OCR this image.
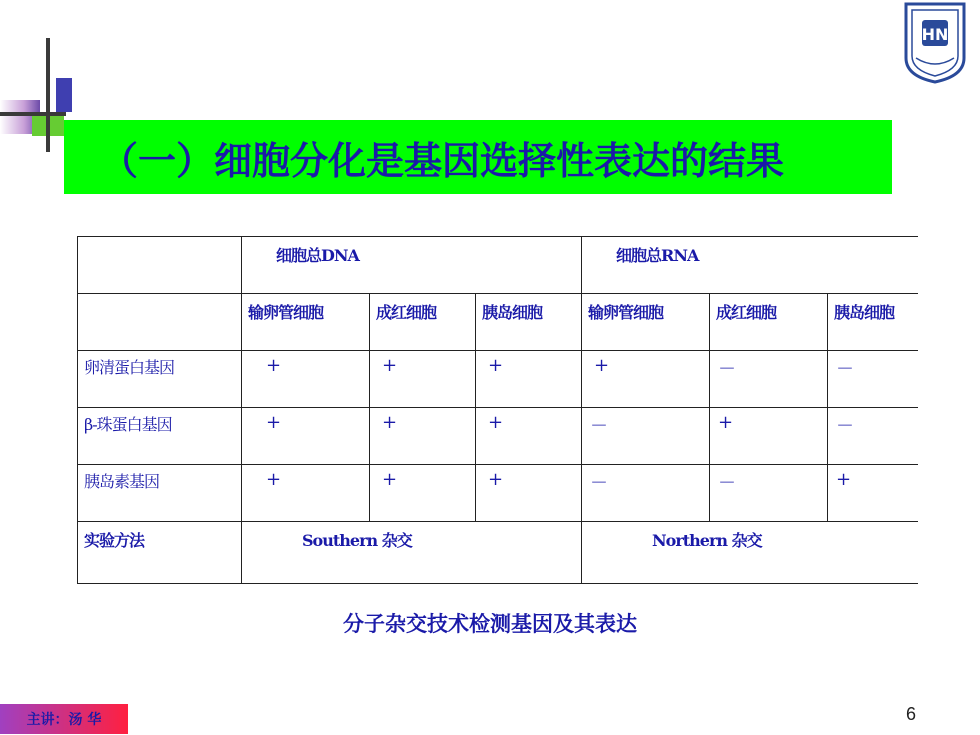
HN
（一）细胞分化是基因选择性表达的结果
	细胞总DNA			细胞总RNA		
	输卵管细胞	成红细胞	胰岛细胞	输卵管细胞	成红细胞	胰岛细胞
卵清蛋白基因	+	+	+	+	－	－
β-珠蛋白基因	+	+	+	－	+	－
胰岛素基因	+	+	+	－	－	+
实验方法	Southern 杂交			Northern 杂交		
分子杂交技术检测基因及其表达
主讲：汤 华	6
